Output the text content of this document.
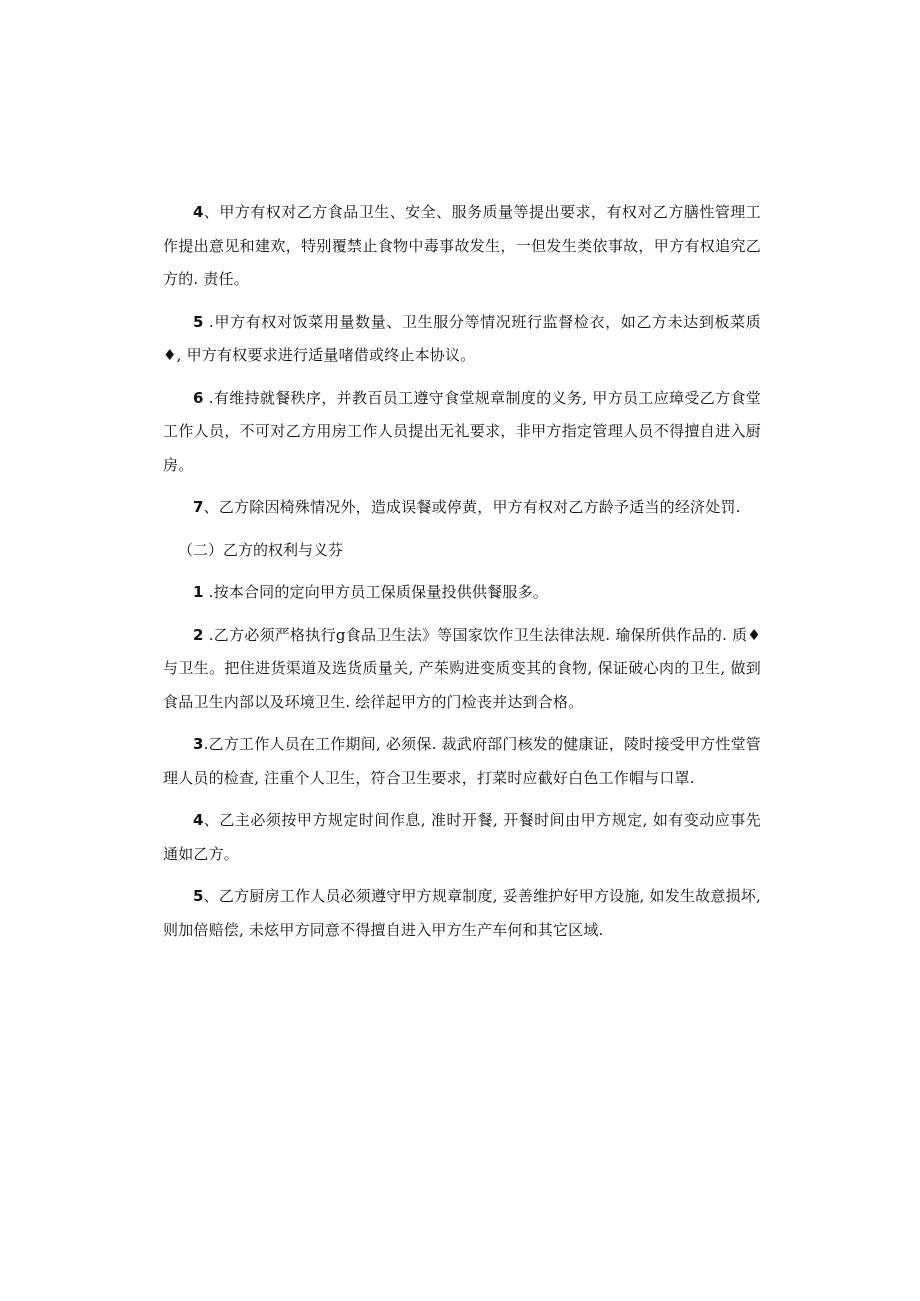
4、甲方有权对乙方食品卫生、安全、服务质量等提出要求，有权对乙方膳性管理工作提出意见和建欢，特别覆禁止食物中毒事故发生，一但发生类依事故，甲方有权追究乙方的. 责任。

5 .甲方有权对饭菜用量数量、卫生服分等情况班行监督检衣，如乙方未达到板菜质♦, 甲方有权要求进行适量啫借或终止本协议。

6 .有维持就餐秩序，并教百员工遵守食堂规章制度的义务, 甲方员工应璋受乙方食堂工作人员，不可对乙方用房工作人员提出无礼要求，非甲方指定管理人员不得擅自进入厨房。

7、乙方除因椅殊情况外，造成误餐或停黄，甲方有权对乙方龄予适当的经济处罚.

（二）乙方的权利与义芬

1 .按本合同的定向甲方员工保质保量投供供餐服多。

2 .乙方必须严格执行g食品卫生法》等国家饮作卫生法律法规. 瑜保所供作品的. 质♦与卫生。把住进货渠道及选货质量关, 产茱购进变质变其的食物, 保证破心肉的卫生, 做到食品卫生内部以及环境卫生. 绘徉起甲方的门检丧并达到合格。

3.乙方工作人员在工作期间, 必须保. 裁武府部门核发的健康证，陵时接受甲方性堂管理人员的检查, 注重个人卫生，符合卫生要求，打菜时应截好白色工作帽与口罩.

4、乙主必须按甲方规定时间作息, 准时开餐, 开餐时间由甲方规定, 如有变动应事先通如乙方。

5、乙方厨房工作人员必须遵守甲方规章制度, 妥善维护好甲方设施, 如发生故意损坏, 则加倍赔偿, 未炫甲方同意不得擅自进入甲方生产车何和其它区域.
